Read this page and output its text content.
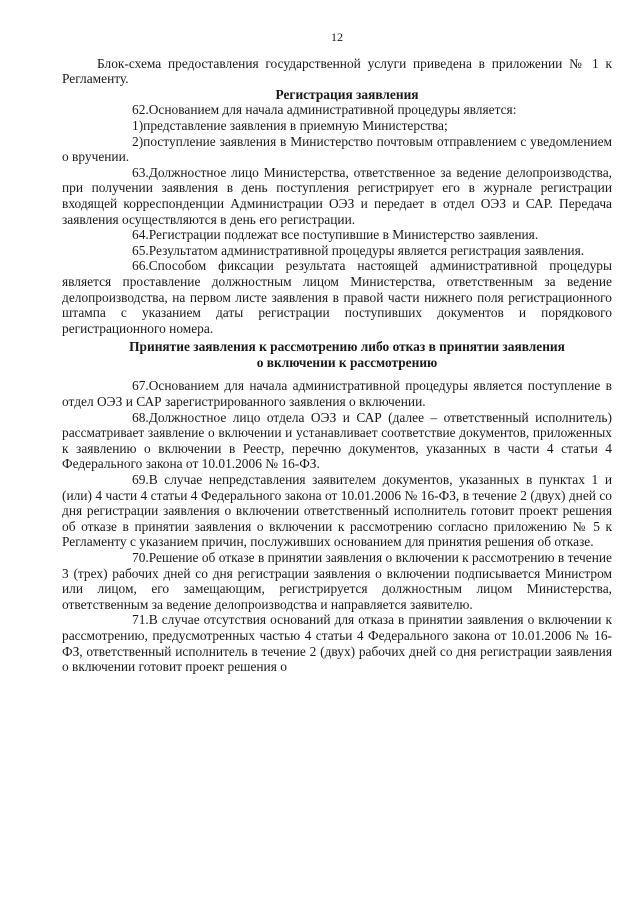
12

Блок-схема предоставления государственной услуги приведена в приложении № 1 к Регламенту.

Регистрация заявления

62.Основанием для начала административной процедуры является:

1)представление заявления в приемную Министерства;

2)поступление заявления в Министерство почтовым отправлением с уведомлением о вручении.

63.Должностное лицо Министерства, ответственное за ведение делопроизводства, при получении заявления в день поступления регистрирует его в журнале регистрации входящей корреспонденции Администрации ОЭЗ и передает в отдел ОЭЗ и САР. Передача заявления осуществляются в день его регистрации.

64.Регистрации подлежат все поступившие в Министерство заявления.

65.Результатом административной процедуры является регистрация заявления.

66.Способом фиксации результата настоящей административной процедуры является проставление должностным лицом Министерства, ответственным за ведение делопроизводства, на первом листе заявления в правой части нижнего поля регистрационного штампа с указанием даты регистрации поступивших документов и порядкового регистрационного номера.

Принятие заявления к рассмотрению либо отказ в принятии заявления

о включении к рассмотрению

67.Основанием для начала административной процедуры является поступление в отдел ОЭЗ и САР зарегистрированного заявления о включении.

68.Должностное лицо отдела ОЭЗ и САР (далее – ответственный исполнитель) рассматривает заявление о включении и устанавливает соответствие документов, приложенных к заявлению о включении в Реестр, перечню документов, указанных в части 4 статьи 4 Федерального закона от 10.01.2006 № 16-ФЗ.

69.В случае непредставления заявителем документов, указанных в пунктах 1 и (или) 4 части 4 статьи 4 Федерального закона от 10.01.2006 № 16-ФЗ, в течение 2 (двух) дней со дня регистрации заявления о включении ответственный исполнитель готовит проект решения об отказе в принятии заявления о включении к рассмотрению согласно приложению № 5 к Регламенту с указанием причин, послуживших основанием для принятия решения об отказе.

70.Решение об отказе в принятии заявления о включении к рассмотрению в течение 3 (трех) рабочих дней со дня регистрации заявления о включении подписывается Министром или лицом, его замещающим, регистрируется должностным лицом Министерства, ответственным за ведение делопроизводства и направляется заявителю.

71.В случае отсутствия оснований для отказа в принятии заявления о включении к рассмотрению, предусмотренных частью 4 статьи 4 Федерального закона от 10.01.2006 № 16-ФЗ, ответственный исполнитель в течение 2 (двух) рабочих дней со дня регистрации заявления о включении готовит проект решения о
